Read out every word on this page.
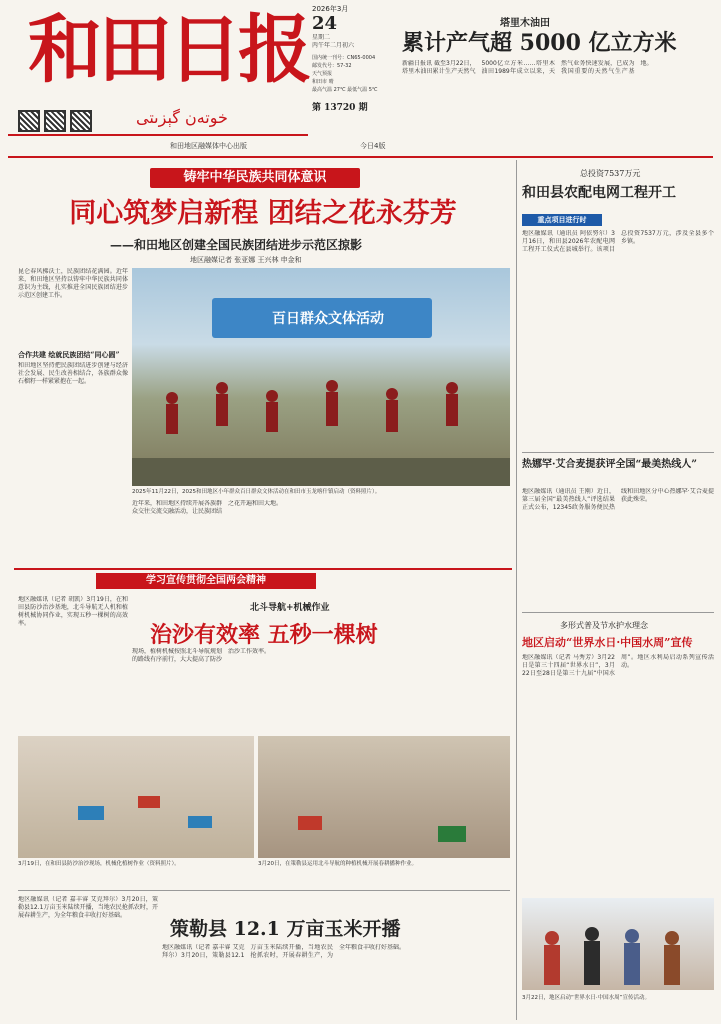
和田日报
خوتەن گېزىتى
2026年3月
24
星期二
丙午年二月初六
国内统一刊号：CN65-0004
邮发代号：57-32
天气预报
和田市 晴
最高气温 27℃ 最低气温 5℃
第 13720 期
和田地区融媒体中心出版	今日4版
塔里木油田
累计产气超 5000 亿立方米
新疆日报讯 截至3月22日，塔里木油田累计生产天然气5000亿立方米……塔里木油田1989年成立以来，天然气业务快速发展，已成为我国重要的天然气生产基地。
铸牢中华民族共同体意识
同心筑梦启新程 团结之花永芬芳
——和田地区创建全国民族团结进步示范区掠影
地区融媒记者 张亚娜 王兴林 申金和
昆仑春风拂沃土，民族团结花满园。近年来，和田地区坚持以铸牢中华民族共同体意识为主线，扎实推进全国民族团结进步示范区创建工作。
合作共建 绘就民族团结“同心圆”
和田地区坚持把民族团结进步创建与经济社会发展、民生改善相结合，各族群众像石榴籽一样紧紧抱在一起。
百日群众文体活动
2025年11月22日，2025和田地区小年群众百日群众文体活动在和田市玉龙喀什镇启动（资料照片）。
近年来，和田地区持续开展各族群众交往交流交融活动，让民族团结之花开遍和田大地。
总投资7537万元
和田县农配电网工程开工
重点项目进行时
地区融媒讯（通讯员 阿依努尔）3月16日，和田县2026年农配电网工程开工仪式在县城举行。该项目总投资7537万元，涉及全县多个乡镇。
热娜罕·艾合麦提获评全国“最美热线人”
地区融媒讯（通讯员 王刚）近日，第三届全国“最美热线人”评选结果正式公布，12345政务服务便民热线和田地区分中心热娜罕·艾合麦提获此殊荣。
多形式普及节水护水理念
地区启动“世界水日·中国水周”宣传
地区融媒讯（记者 马秀芳）3月22日是第三十四届“世界水日”，3月22日至28日是第三十九届“中国水周”。地区水利局启动系列宣传活动。
3月22日，地区启动“世界水日·中国水周”宣传活动。
学习宣传贯彻全国两会精神
北斗导航+机械作业
治沙有效率 五秒一棵树
地区融媒讯（记者 胡凯）3月19日，在和田县防沙治沙基地，北斗导航无人机和植树机械协同作业，实现五秒一棵树的高效率。
现场，植树机械按照北斗导航规划的路线有序前行，大大提高了防沙治沙工作效率。
3月19日，在和田县防沙治沙现场，机械化植树作业（资料照片）。	3月20日，在策勒县运用北斗导航的种植机械开展春耕播种作业。
策勒县 12.1 万亩玉米开播
地区融媒讯（记者 嘉丰睿 艾克拜尔）3月20日，策勒县12.1万亩玉米陆续开播，当地农民抢抓农时，开展春耕生产，为全年粮食丰收打好基础。
地区融媒讯（记者 嘉丰睿 艾克拜尔）3月20日，策勒县12.1万亩玉米陆续开播，当地农民抢抓农时，开展春耕生产，为全年粮食丰收打好基础。
